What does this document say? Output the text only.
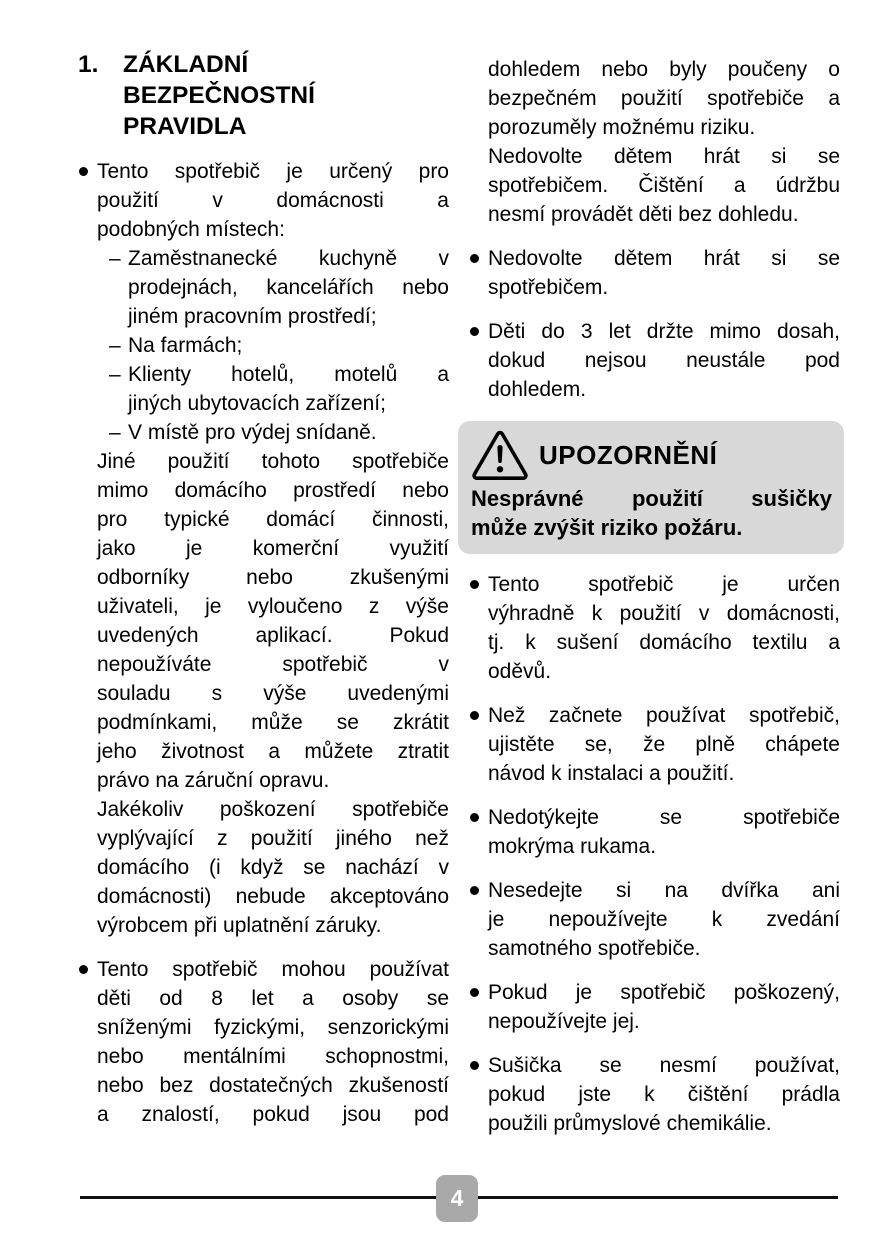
1.	ZÁKLADNÍ
BEZPEČNOSTNÍ
PRAVIDLA
Tento spotřebič je určený pro
použití v domácnosti a
podobných místech:
– Zaměstnanecké kuchyně v
prodejnách, kancelářích nebo
jiném pracovním prostředí;
– Na farmách;
– Klienty hotelů, motelů a
jiných ubytovacích zařízení;
– V místě pro výdej snídaně.
Jiné použití tohoto spotřebiče
mimo domácího prostředí nebo
pro typické domácí činnosti,
jako je komerční využití
odborníky nebo zkušenými
uživateli, je vyloučeno z výše
uvedených aplikací. Pokud
nepoužíváte spotřebič v
souladu s výše uvedenými
podmínkami, může se zkrátit
jeho životnost a můžete ztratit
právo na záruční opravu.
Jakékoliv poškození spotřebiče
vyplývající z použití jiného než
domácího (i když se nachází v
domácnosti) nebude akceptováno
výrobcem při uplatnění záruky.
Tento spotřebič mohou používat
děti od 8 let a osoby se
sníženými fyzickými, senzorickými
nebo mentálními schopnostmi,
nebo bez dostatečných zkušeností
a znalostí, pokud jsou pod
dohledem nebo byly poučeny o
bezpečném použití spotřebiče a
porozuměly možnému riziku.
Nedovolte dětem hrát si se
spotřebičem. Čištění a údržbu
nesmí provádět děti bez dohledu.
Nedovolte dětem hrát si se
spotřebičem.
Děti do 3 let držte mimo dosah,
dokud nejsou neustále pod
dohledem.
UPOZORNĚNÍ
Nesprávné použití sušičky
může zvýšit riziko požáru.
Tento spotřebič je určen
výhradně k použití v domácnosti,
tj. k sušení domácího textilu a
oděvů.
Než začnete používat spotřebič,
ujistěte se, že plně chápete
návod k instalaci a použití.
Nedotýkejte se spotřebiče
mokrýma rukama.
Nesedejte si na dvířka ani
je nepoužívejte k zvedání
samotného spotřebiče.
Pokud je spotřebič poškozený,
nepoužívejte jej.
Sušička se nesmí používat,
pokud jste k čištění prádla
použili průmyslové chemikálie.
4
